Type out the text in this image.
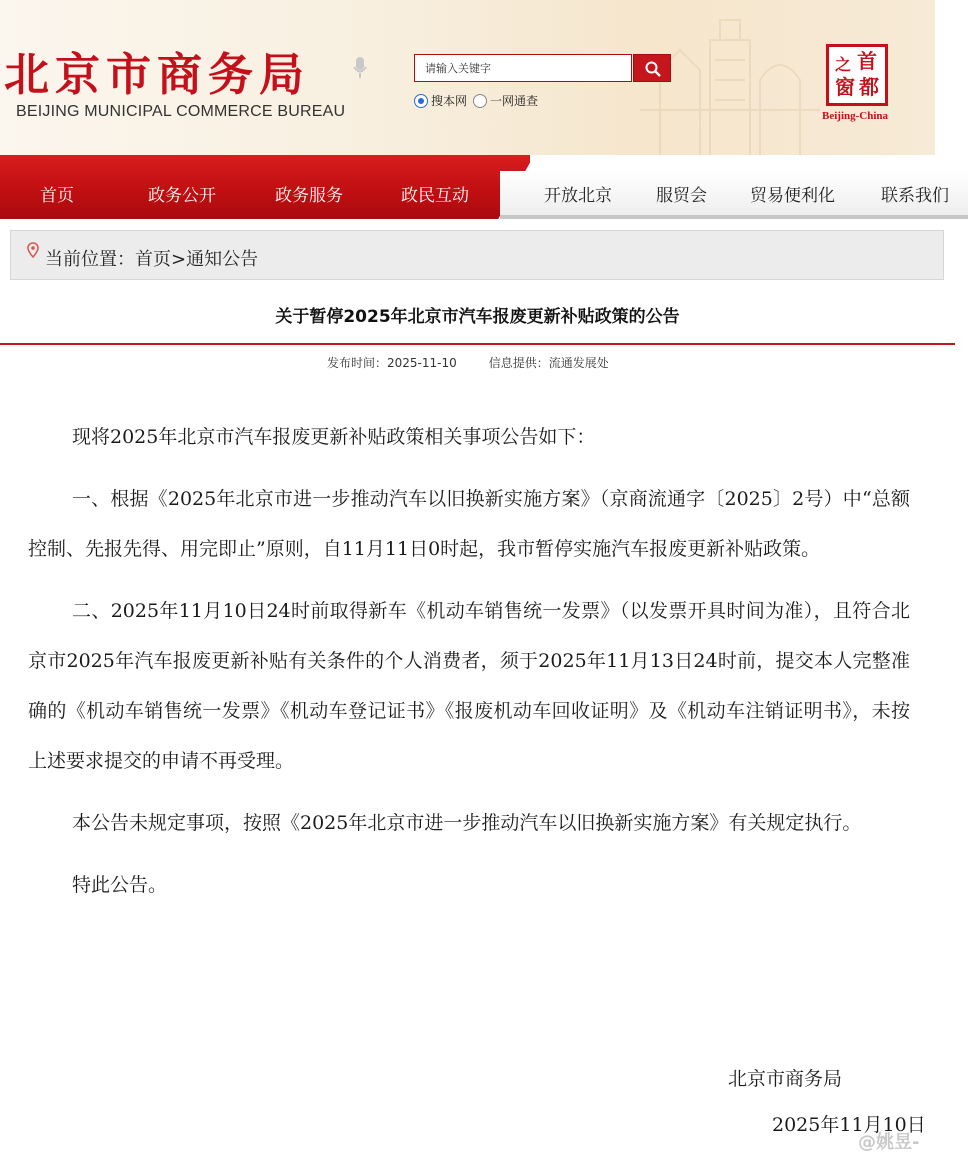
北京市商务局
BEIJING MUNICIPAL COMMERCE BUREAU
请输入关键字
搜本网 一网通查
之 首
窗 都
Beijing-China
首页	政务公开	政务服务	政民互动	开放北京	服贸会	贸易便利化	联系我们
当前位置：首页>通知公告
关于暂停2025年北京市汽车报废更新补贴政策的公告
发布时间：2025-11-10	信息提供：流通发展处

现将2025年北京市汽车报废更新补贴政策相关事项公告如下：

一、根据《2025年北京市进一步推动汽车以旧换新实施方案》（京商流通字〔2025〕2号）中“总额控制、先报先得、用完即止”原则，自11月11日0时起，我市暂停实施汽车报废更新补贴政策。

二、2025年11月10日24时前取得新车《机动车销售统一发票》（以发票开具时间为准），且符合北京市2025年汽车报废更新补贴有关条件的个人消费者，须于2025年11月13日24时前，提交本人完整准确的《机动车销售统一发票》《机动车登记证书》《报废机动车回收证明》及《机动车注销证明书》，未按上述要求提交的申请不再受理。

本公告未规定事项，按照《2025年北京市进一步推动汽车以旧换新实施方案》有关规定执行。

特此公告。

北京市商务局
2025年11月10日
@姚昱-
